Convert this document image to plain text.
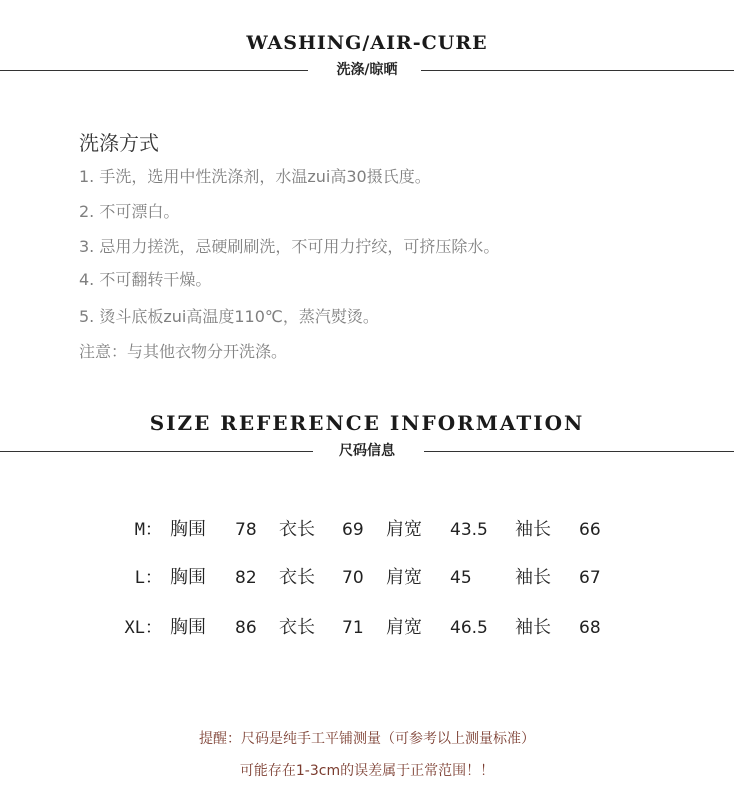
WASHING/AIR-CURE
洗涤/晾晒
洗涤方式
1. 手洗，选用中性洗涤剂，水温zui高30摄氏度。
2. 不可漂白。
3. 忌用力搓洗，忌硬刷刷洗，不可用力拧绞，可挤压除水。
4. 不可翻转干燥。
5. 烫斗底板zui高温度110℃，蒸汽熨烫。
注意：与其他衣物分开洗涤。
SIZE REFERENCE INFORMATION
尺码信息
M： 胸围 78 衣长 69 肩宽 43.5 袖长 66
L： 胸围 82 衣长 70 肩宽 45 袖长 67
XL： 胸围 86 衣长 71 肩宽 46.5 袖长 68
提醒：尺码是纯手工平铺测量（可参考以上测量标准）
可能存在1-3cm的误差属于正常范围！！
